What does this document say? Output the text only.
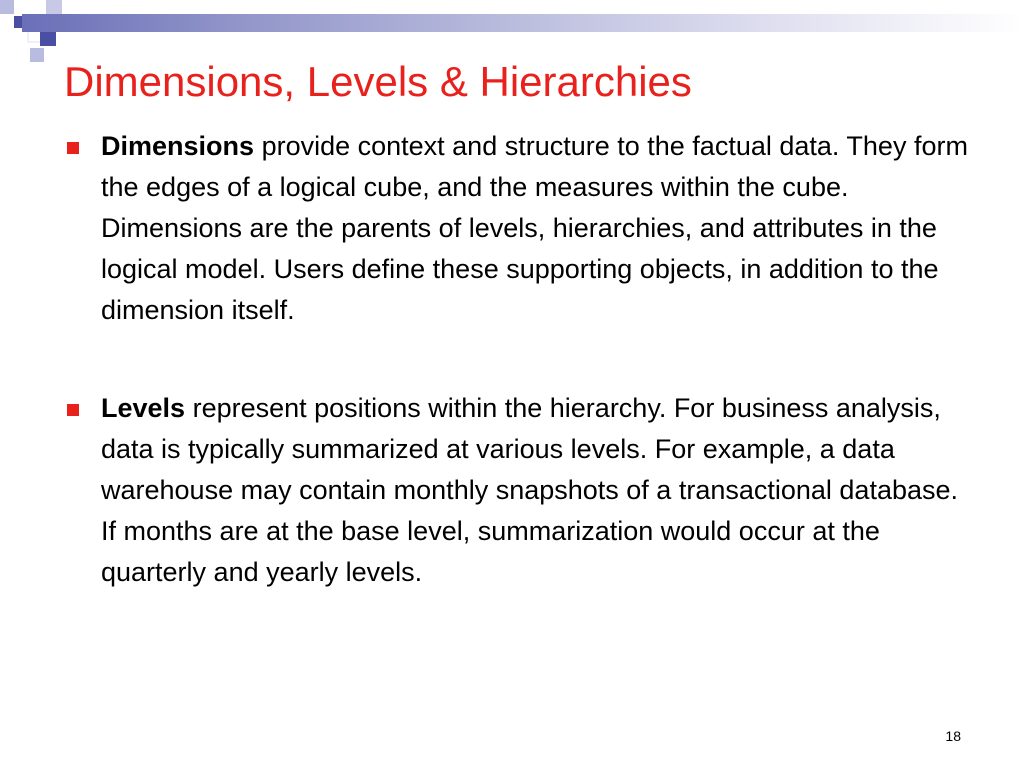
Dimensions, Levels & Hierarchies

Dimensions provide context and structure to the factual data. They form the edges of a logical cube, and the measures within the cube. Dimensions are the parents of levels, hierarchies, and attributes in the logical model. Users define these supporting objects, in addition to the dimension itself.

Levels represent positions within the hierarchy. For business analysis, data is typically summarized at various levels. For example, a data warehouse may contain monthly snapshots of a transactional database. If months are at the base level, summarization would occur at the quarterly and yearly levels.

18
